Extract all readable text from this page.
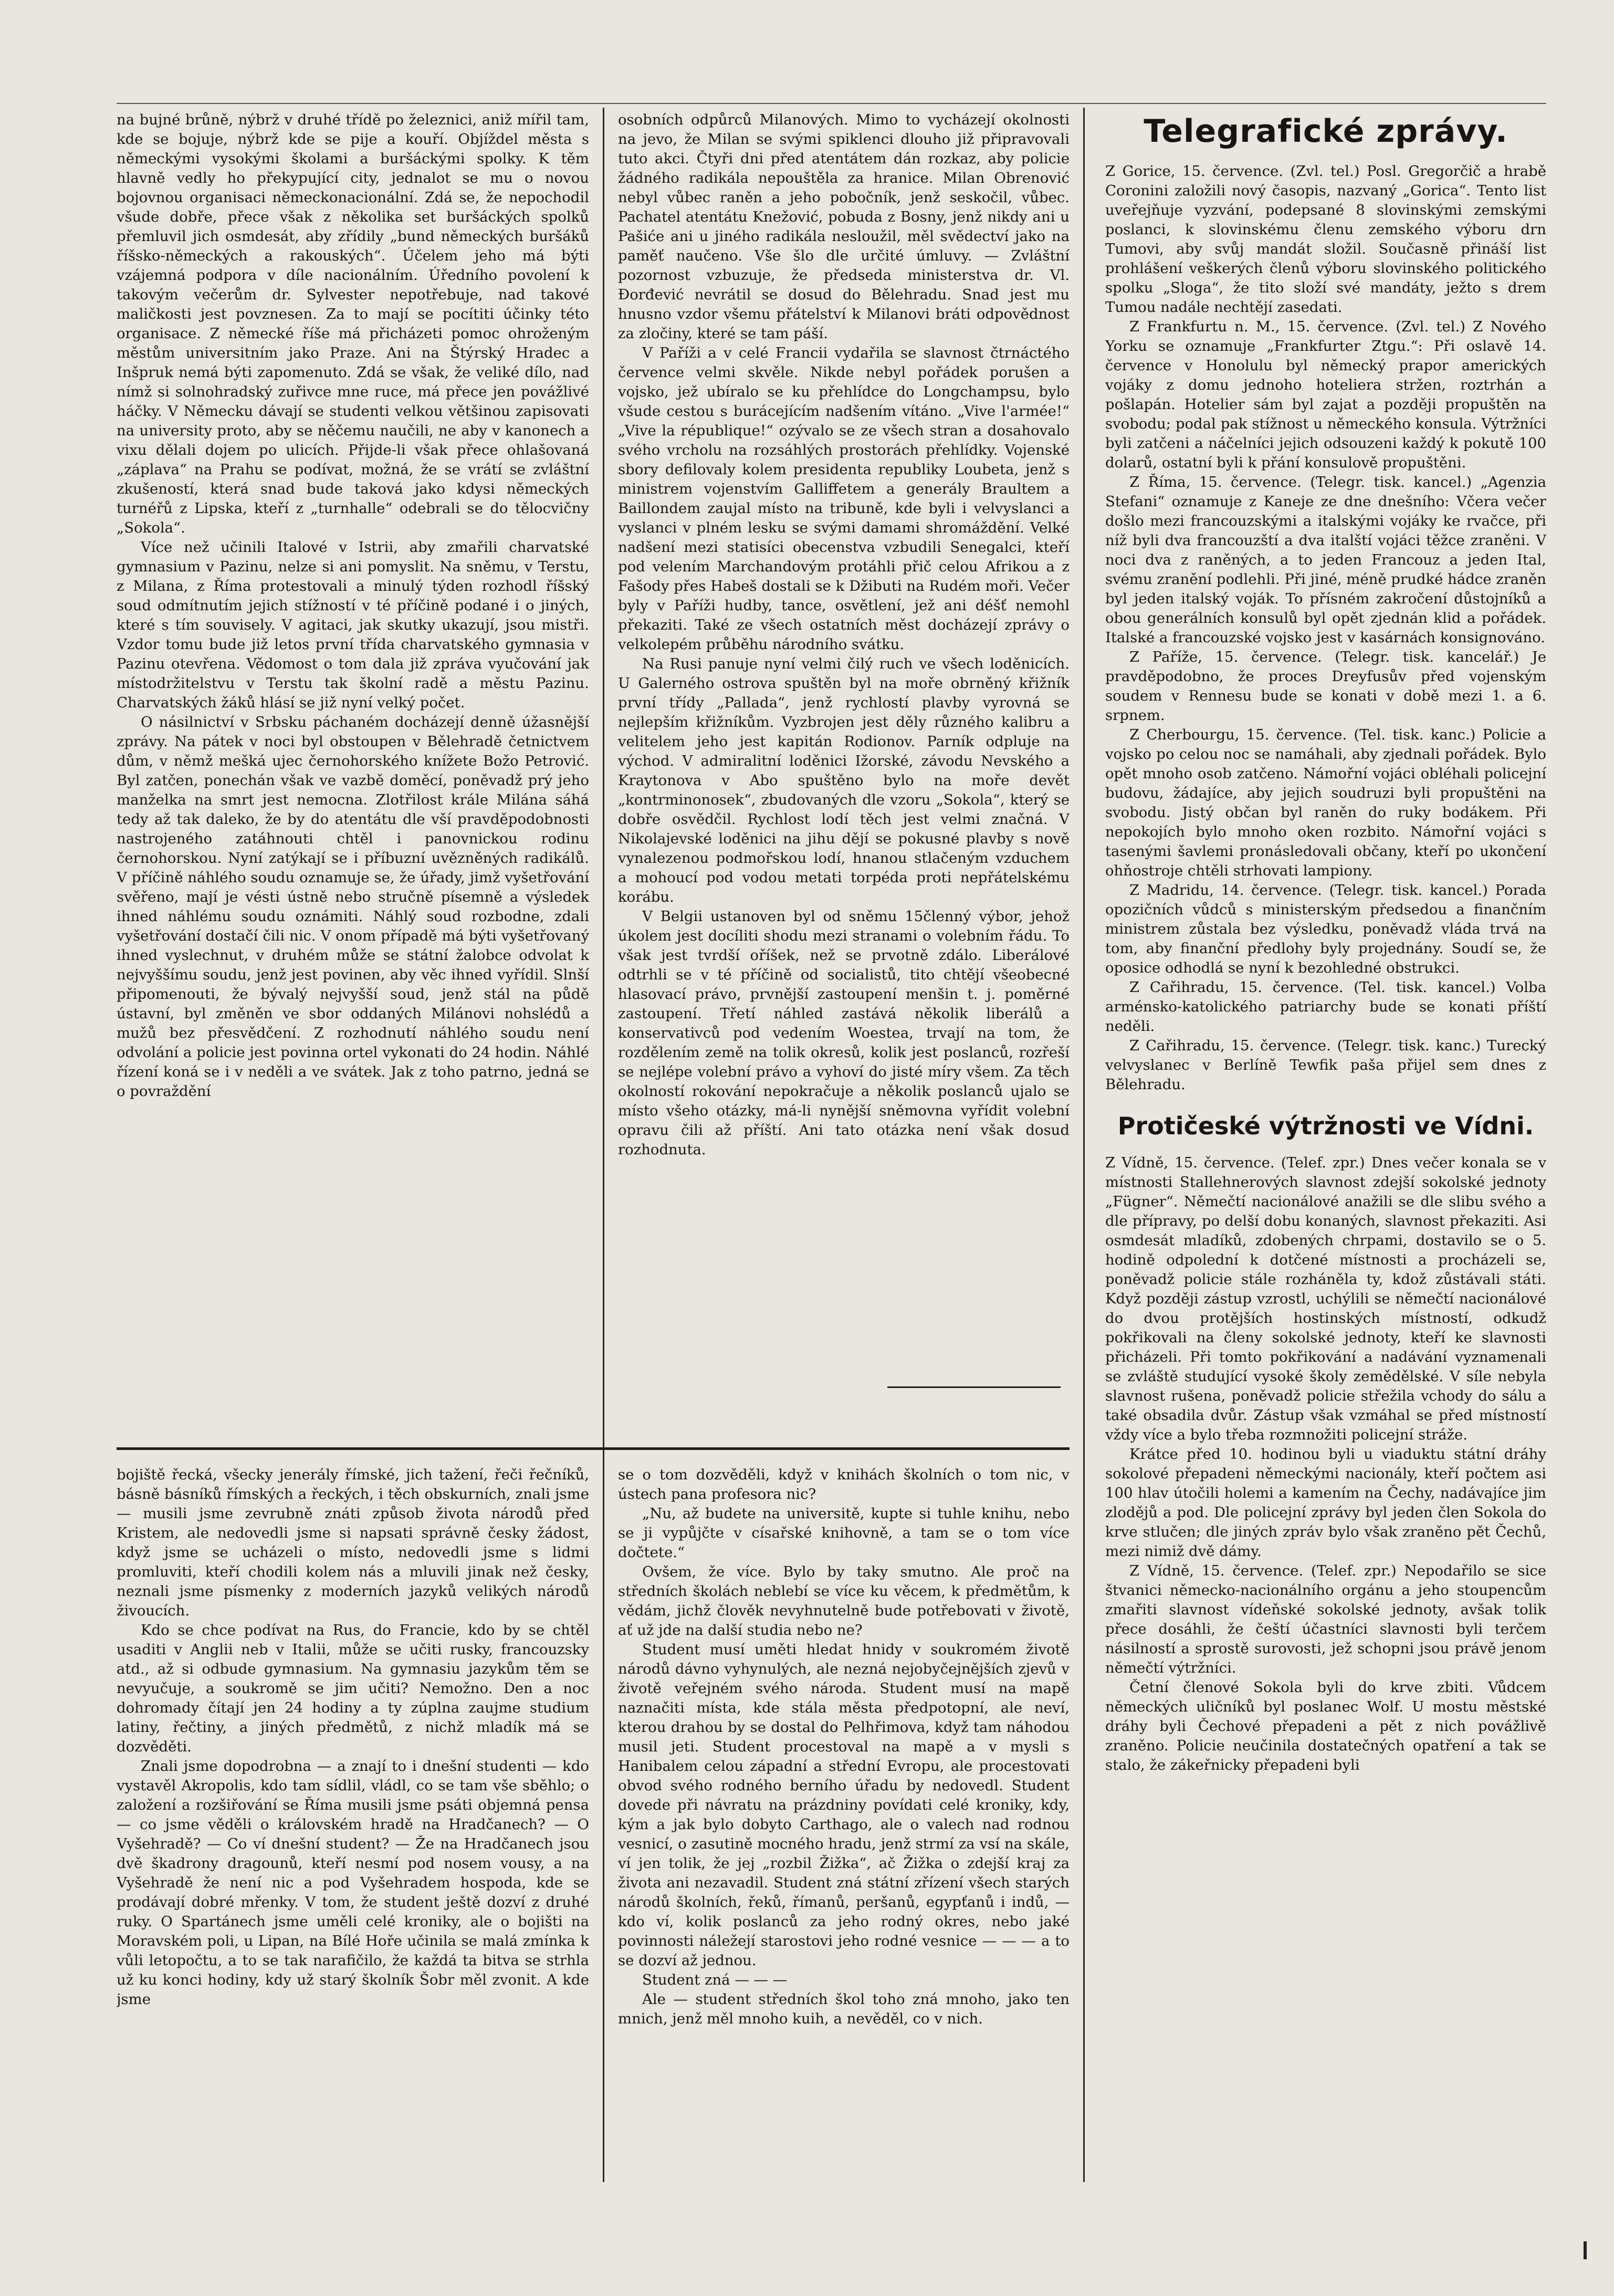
na bujné brůně, nýbrž v druhé třídě po železnici, aniž mířil tam, kde se bojuje, nýbrž kde se pije a kouří. Objíždel města s německými vysokými školami a buršáckými spolky. K těm hlavně vedly ho překypující city, jednalot se mu o novou bojovnou organisaci německonacionální. Zdá se, že nepochodil všude dobře, přece však z několika set buršáckých spolků přemluvil jich osmdesát, aby zřídily „bund německých buršáků říšsko-německých a rakouských“. Účelem jeho má býti vzájemná podpora v díle nacionálním. Úředního povolení k takovým večerům dr. Sylvester nepotřebuje, nad takové maličkosti jest povznesen. Za to mají se pocítiti účinky této organisace. Z německé říše má přicházeti pomoc ohroženým městům universitním jako Praze. Ani na Štýrský Hradec a Inšpruk nemá býti zapomenuto. Zdá se však, že veliké dílo, nad nímž si solnohradský zuřivce mne ruce, má přece jen povážlivé háčky. V Německu dávají se studenti velkou většinou zapisovati na university proto, aby se něčemu naučili, ne aby v kanonech a vixu dělali dojem po ulicích. Přijde-li však přece ohlašovaná „záplava“ na Prahu se podívat, možná, že se vrátí se zvláštní zkušeností, která snad bude taková jako kdysi německých turnéřů z Lipska, kteří z „turnhalle“ odebrali se do tělocvičny „Sokola“.

Více než učinili Italové v Istrii, aby zmařili charvatské gymnasium v Pazinu, nelze si ani pomyslit. Na sněmu, v Terstu, z Milana, z Říma protestovali a minulý týden rozhodl říšský soud odmítnutím jejich stížností v té příčině podané i o jiných, které s tím souvisely. V agitaci, jak skutky ukazují, jsou mistři. Vzdor tomu bude již letos první třída charvatského gymnasia v Pazinu otevřena. Vědomost o tom dala již zpráva vyučování jak místodržitelstvu v Terstu tak školní radě a městu Pazinu. Charvatských žáků hlásí se již nyní velký počet.

O násilnictví v Srbsku páchaném docházejí denně úžasnější zprávy. Na pátek v noci byl obstoupen v Bělehradě četnictvem dům, v němž mešká ujec černohorského knížete Božo Petrović. Byl zatčen, ponechán však ve vazbě doměcí, poněvadž prý jeho manželka na smrt jest nemocna. Zlotřilost krále Milána sáhá tedy až tak daleko, že by do atentátu dle vší pravděpodobnosti nastrojeného zatáhnouti chtěl i panovnickou rodinu černohorskou. Nyní zatýkají se i příbuzní uvězněných radikálů. V příčině náhlého soudu oznamuje se, že úřady, jimž vyšetřování svěřeno, mají je vésti ústně nebo stručně písemně a výsledek ihned náhlému soudu oznámiti. Náhlý soud rozbodne, zdali vyšetřování dostačí čili nic. V onom případě má býti vyšetřovaný ihned vyslechnut, v druhém může se státní žalobce odvolat k nejvyššímu soudu, jenž jest povinen, aby věc ihned vyřídil. Slnší připomenouti, že bývalý nejvyšší soud, jenž stál na půdě ústavní, byl změněn ve sbor oddaných Milánovi nohslédů a mužů bez přesvědčení. Z rozhodnutí náhlého soudu není odvolání a policie jest povinna ortel vykonati do 24 hodin. Náhlé řízení koná se i v neděli a ve svátek. Jak z toho patrno, jedná se o povraždění

osobních odpůrců Milanových. Mimo to vycházejí okolnosti na jevo, že Milan se svými spiklenci dlouho již připravovali tuto akci. Čtyři dni před atentátem dán rozkaz, aby policie žádného radikála nepouštěla za hranice. Milan Obrenović nebyl vůbec raněn a jeho pobočník, jenž seskočil, vůbec. Pachatel atentátu Knežović, pobuda z Bosny, jenž nikdy ani u Pašiće ani u jiného radikála nesloužil, měl svědectví jako na paměť naučeno. Vše šlo dle určité úmluvy. — Zvláštní pozornost vzbuzuje, že předseda ministerstva dr. Vl. Đorđević nevrátil se dosud do Bělehradu. Snad jest mu hnusno vzdor všemu přátelství k Milanovi bráti odpovědnost za zločiny, které se tam páší.

V Paříži a v celé Francii vydařila se slavnost čtrnáctého července velmi skvěle. Nikde nebyl pořádek porušen a vojsko, jež ubíralo se ku přehlídce do Longchampsu, bylo všude cestou s burácejícím nadšením vítáno. „Vive l'armée!“ „Vive la république!“ ozývalo se ze všech stran a dosahovalo svého vrcholu na rozsáhlých prostorách přehlídky. Vojenské sbory defilovaly kolem presidenta republiky Loubeta, jenž s ministrem vojenstvím Galliffetem a generály Braultem a Baillondem zaujal místo na tribuně, kde byli i velvyslanci a vyslanci v plném lesku se svými damami shromáždění. Velké nadšení mezi statisíci obecenstva vzbudili Senegalci, kteří pod velením Marchandovým protáhli přič celou Afrikou a z Fašody přes Habeš dostali se k Džibuti na Rudém moři. Večer byly v Paříži hudby, tance, osvětlení, jež ani déšť nemohl překaziti. Také ze všech ostatních měst docházejí zprávy o velkolepém průběhu národního svátku.

Na Rusi panuje nyní velmi čilý ruch ve všech loděnicích. U Galerného ostrova spuštěn byl na moře obrněný křižník první třídy „Pallada“, jenž rychlostí plavby vyrovná se nejlepším křižníkům. Vyzbrojen jest děly různého kalibru a velitelem jeho jest kapitán Rodionov. Parník odpluje na východ. V admiralitní loděnici Ižorské, závodu Nevského a Kraytonova v Abo spuštěno bylo na moře devět „kontrminonosek“, zbudovaných dle vzoru „Sokola“, který se dobře osvědčil. Rychlost lodí těch jest velmi značná. V Nikolajevské loděnici na jihu dějí se pokusné plavby s nově vynalezenou podmořskou lodí, hnanou stlačeným vzduchem a mohoucí pod vodou metati torpéda proti nepřátelskému korábu.

V Belgii ustanoven byl od sněmu 15členný výbor, jehož úkolem jest docíliti shodu mezi stranami o volebním řádu. To však jest tvrdší oříšek, než se prvotně zdálo. Liberálové odtrhli se v té příčině od socialistů, tito chtějí všeobecné hlasovací právo, prvnější zastoupení menšin t. j. poměrné zastoupení. Třetí náhled zastává několik liberálů a konservativců pod vedením Woestea, trvají na tom, že rozdělením země na tolik okresů, kolik jest poslanců, rozřeší se nejlépe volební právo a vyhoví do jisté míry všem. Za těch okolností rokování nepokračuje a několik poslanců ujalo se místo všeho otázky, má-li nynější sněmovna vyřídit volební opravu čili až příští. Ani tato otázka není však dosud rozhodnuta.

Telegrafické zprávy.

Z Gorice, 15. července. (Zvl. tel.) Posl. Gregorčič a hrabě Coronini založili nový časopis, nazvaný „Gorica“. Tento list uveřejňuje vyzvání, podepsané 8 slovinskými zemskými poslanci, k slovinskému členu zemského výboru drn Tumovi, aby svůj mandát složil. Současně přináší list prohlášení veškerých členů výboru slovinského politického spolku „Sloga“, že tito složí své mandáty, ježto s drem Tumou nadále nechtějí zasedati.

Z Frankfurtu n. M., 15. července. (Zvl. tel.) Z Nového Yorku se oznamuje „Frankfurter Ztgu.“: Při oslavě 14. července v Honolulu byl německý prapor amerických vojáky z domu jednoho hoteliera stržen, roztrhán a pošlapán. Hotelier sám byl zajat a později propuštěn na svobodu; podal pak stížnost u německého konsula. Výtržníci byli zatčeni a náčelníci jejich odsouzeni každý k pokutě 100 dolarů, ostatní byli k přání konsulově propuštěni.

Z Říma, 15. července. (Telegr. tisk. kancel.) „Agenzia Stefani“ oznamuje z Kaneje ze dne dnešního: Včera večer došlo mezi francouzskými a italskými vojáky ke rvačce, při níž byli dva francouzští a dva italští vojáci těžce zraněni. V noci dva z raněných, a to jeden Francouz a jeden Ital, svému zranění podlehli. Při jiné, méně prudké hádce zraněn byl jeden italský voják. To přísném zakročení důstojníků a obou generálních konsulů byl opět zjednán klid a pořádek. Italské a francouzské vojsko jest v kasárnách konsignováno.

Z Paříže, 15. července. (Telegr. tisk. kancelář.) Je pravděpodobno, že proces Dreyfusův před vojenským soudem v Rennesu bude se konati v době mezi 1. a 6. srpnem.

Z Cherbourgu, 15. července. (Tel. tisk. kanc.) Policie a vojsko po celou noc se namáhali, aby zjednali pořádek. Bylo opět mnoho osob zatčeno. Námořní vojáci obléhali policejní budovu, žádajíce, aby jejich soudruzi byli propuštěni na svobodu. Jistý občan byl raněn do ruky bodákem. Při nepokojích bylo mnoho oken rozbito. Námořní vojáci s tasenými šavlemi pronásledovali občany, kteří po ukončení ohňostroje chtěli strhovati lampiony.

Z Madridu, 14. července. (Telegr. tisk. kancel.) Porada opozičních vůdců s ministerským předsedou a finančním ministrem zůstala bez výsledku, poněvadž vláda trvá na tom, aby finanční předlohy byly projednány. Soudí se, že oposice odhodlá se nyní k bezohledné obstrukci.

Z Cařihradu, 15. července. (Tel. tisk. kancel.) Volba arménsko-katolického patriarchy bude se konati příští neděli.

Z Cařihradu, 15. července. (Telegr. tisk. kanc.) Turecký velvyslanec v Berlíně Tewfik paša přijel sem dnes z Bělehradu.

Protičeské výtržnosti ve Vídni.

Z Vídně, 15. července. (Telef. zpr.) Dnes večer konala se v místnosti Stallehnerových slavnost zdejší sokolské jednoty „Fügner“. Němečtí nacionálové anažili se dle slibu svého a dle přípravy, po delší dobu konaných, slavnost překaziti. Asi osmdesát mladíků, zdobených chrpami, dostavilo se o 5. hodině odpolední k dotčené místnosti a procházeli se, poněvadž policie stále rozháněla ty, kdož zůstávali státi. Když později zástup vzrostl, uchýlili se němečtí nacionálové do dvou protějších hostinských místností, odkudž pokřikovali na členy sokolské jednoty, kteří ke slavnosti přicházeli. Při tomto pokřikování a nadávání vyznamenali se zvláště studující vysoké školy zemědělské. V síle nebyla slavnost rušena, poněvadž policie střežila vchody do sálu a také obsadila dvůr. Zástup však vzmáhal se před místností vždy více a bylo třeba rozmnožiti policejní stráže.

Krátce před 10. hodinou byli u viaduktu státní dráhy sokolové přepadeni německými nacionály, kteří počtem asi 100 hlav útočili holemi a kamením na Čechy, nadávajíce jim zlodějů a pod. Dle policejní zprávy byl jeden člen Sokola do krve stlučen; dle jiných zpráv bylo však zraněno pět Čechů, mezi nimiž dvě dámy.

Z Vídně, 15. července. (Telef. zpr.) Nepodařilo se sice štvanici německo-nacionálního orgánu a jeho stoupencům zmařiti slavnost vídeňské sokolské jednoty, avšak tolik přece dosáhli, že čeští účastníci slavnosti byli terčem násilností a sprostě surovosti, jež schopni jsou právě jenom němečtí výtržníci.

Četní členové Sokola byli do krve zbiti. Vůdcem německých uličníků byl poslanec Wolf. U mostu městské dráhy byli Čechové přepadeni a pět z nich povážlivě zraněno. Policie neučinila dostatečných opatření a tak se stalo, že zákeřnicky přepadeni byli

bojiště řecká, všecky jenerály římské, jich tažení, řeči řečníků, básně básníků římských a řeckých, i těch obskurních, znali jsme — musili jsme zevrubně znáti způsob života národů před Kristem, ale nedovedli jsme si napsati správně česky žádost, když jsme se ucházeli o místo, nedovedli jsme s lidmi promluviti, kteří chodili kolem nás a mluvili jinak než česky, neznali jsme písmenky z moderních jazyků velikých národů živoucích.

Kdo se chce podívat na Rus, do Francie, kdo by se chtěl usaditi v Anglii neb v Italii, může se učiti rusky, francouzsky atd., až si odbude gymnasium. Na gymnasiu jazykům těm se nevyučuje, a soukromě se jim učiti? Nemožno. Den a noc dohromady čítají jen 24 hodiny a ty zúplna zaujme studium latiny, řečtiny, a jiných předmětů, z nichž mladík má se dozvěděti.

Znali jsme dopodrobna — a znají to i dnešní studenti — kdo vystavěl Akropolis, kdo tam sídlil, vládl, co se tam vše sběhlo; o založení a rozšiřování se Říma musili jsme psáti objemná pensa — co jsme věděli o královském hradě na Hradčanech? — O Vyšehradě? — Co ví dnešní student? — Že na Hradčanech jsou dvě škadrony dragounů, kteří nesmí pod nosem vousy, a na Vyšehradě že není nic a pod Vyšehradem hospoda, kde se prodávají dobré mřenky. V tom, že student ještě dozví z druhé ruky. O Spartánech jsme uměli celé kroniky, ale o bojišti na Moravském poli, u Lipan, na Bílé Hoře učinila se malá zmínka k vůli letopočtu, a to se tak narafičilo, že každá ta bitva se strhla už ku konci hodiny, kdy už starý školník Šobr měl zvonit. A kde jsme

se o tom dozvěděli, když v knihách školních o tom nic, v ústech pana profesora nic?

„Nu, až budete na universitě, kupte si tuhle knihu, nebo se ji vypůjčte v císařské knihovně, a tam se o tom více dočtete.“

Ovšem, že více. Bylo by taky smutno. Ale proč na středních školách neblebí se více ku věcem, k předmětům, k vědám, jichž člověk nevyhnutelně bude potřebovati v životě, ať už jde na další studia nebo ne?

Student musí uměti hledat hnidy v soukromém životě národů dávno vyhynulých, ale nezná nejobyčejnějších zjevů v životě veřejném svého národa. Student musí na mapě naznačiti místa, kde stála města předpotopní, ale neví, kterou drahou by se dostal do Pelhřimova, když tam náhodou musil jeti. Student procestoval na mapě a v mysli s Hanibalem celou západní a střední Evropu, ale procestovati obvod svého rodného berního úřadu by nedovedl. Student dovede při návratu na prázdniny povídati celé kroniky, kdy, kým a jak bylo dobyto Carthago, ale o valech nad rodnou vesnicí, o zasutině mocného hradu, jenž strmí za vsí na skále, ví jen tolik, že jej „rozbil Žižka“, ač Žižka o zdejší kraj za života ani nezavadil. Student zná státní zřízení všech starých národů školních, řeků, římanů, peršanů, egypťanů i indů, — kdo ví, kolik poslanců za jeho rodný okres, nebo jaké povinnosti náležejí starostovi jeho rodné vesnice — — — a to se dozví až jednou.

Student zná — — —

Ale — student středních škol toho zná mnoho, jako ten mnich, jenž měl mnoho kuih, a nevěděl, co v nich.
